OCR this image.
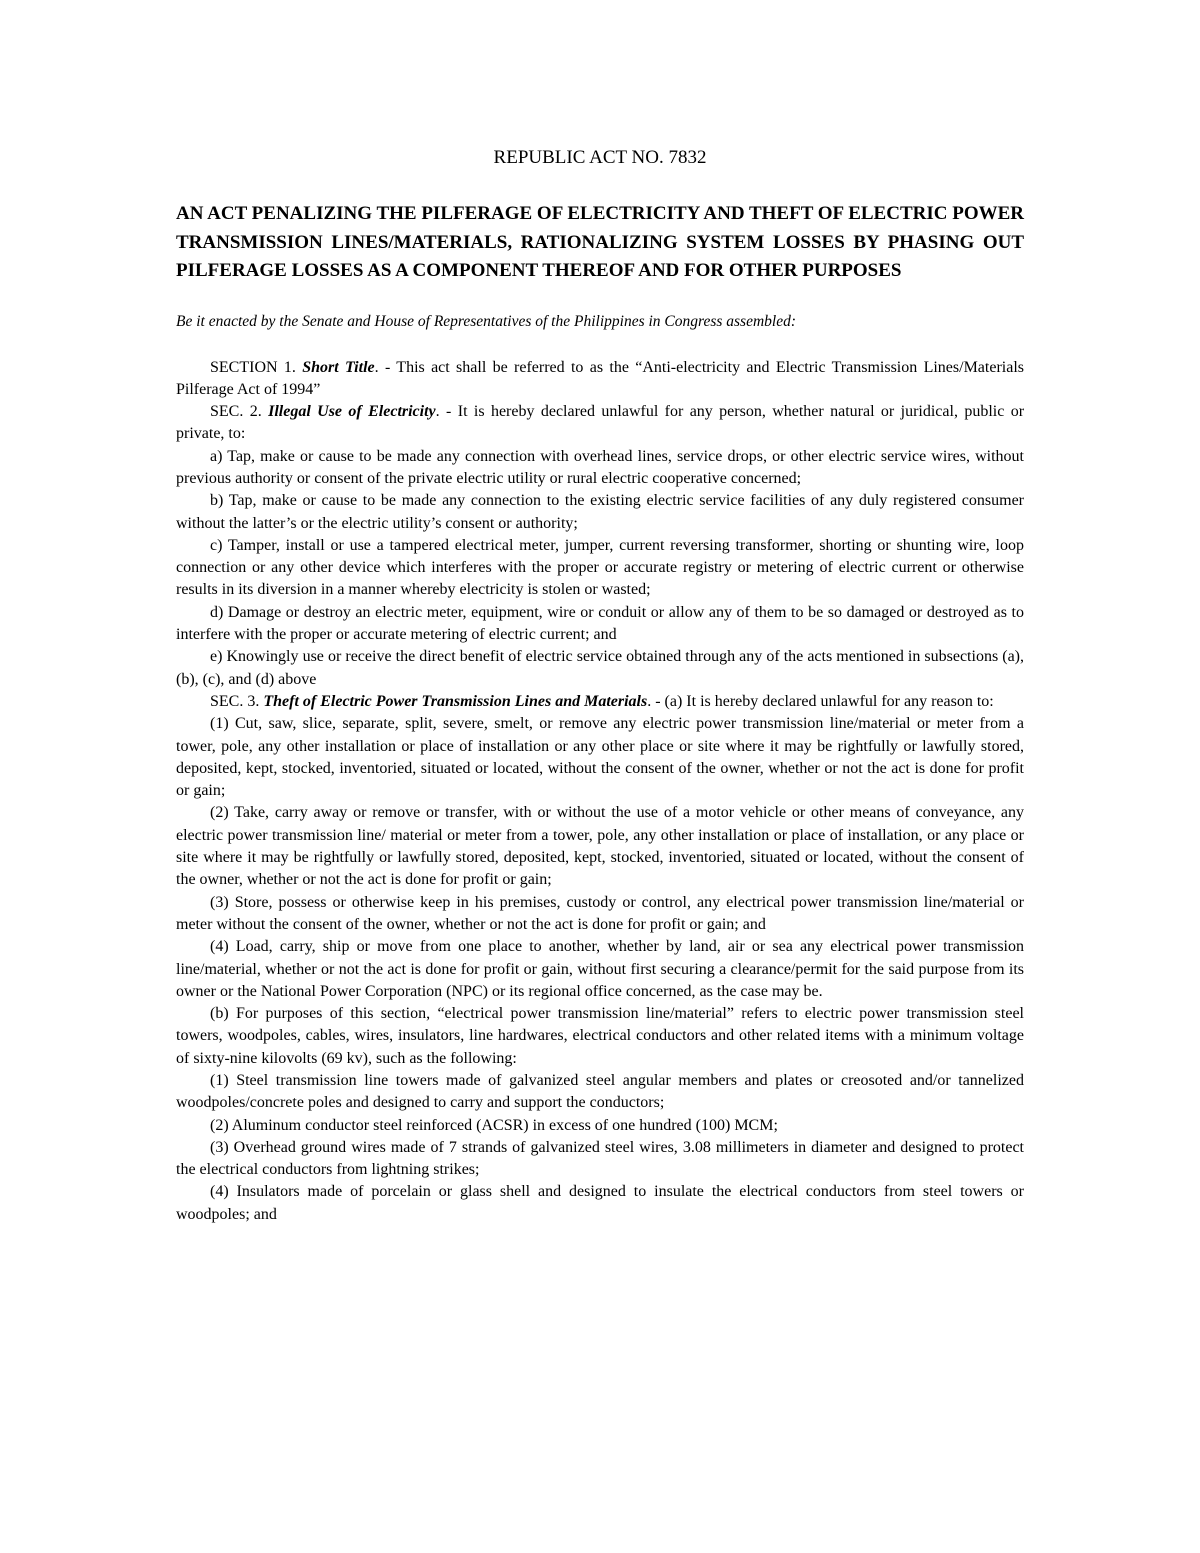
REPUBLIC ACT NO. 7832
AN ACT PENALIZING THE PILFERAGE OF ELECTRICITY AND THEFT OF ELECTRIC POWER TRANSMISSION LINES/MATERIALS, RATIONALIZING SYSTEM LOSSES BY PHASING OUT PILFERAGE LOSSES AS A COMPONENT THEREOF AND FOR OTHER PURPOSES
Be it enacted by the Senate and House of Representatives of the Philippines in Congress assembled:

SECTION 1. Short Title. - This act shall be referred to as the “Anti-electricity and Electric Transmission Lines/Materials Pilferage Act of 1994”

SEC. 2. Illegal Use of Electricity. - It is hereby declared unlawful for any person, whether natural or juridical, public or private, to:

a) Tap, make or cause to be made any connection with overhead lines, service drops, or other electric service wires, without previous authority or consent of the private electric utility or rural electric cooperative concerned;

b) Tap, make or cause to be made any connection to the existing electric service facilities of any duly registered consumer without the latter’s or the electric utility’s consent or authority;

c) Tamper, install or use a tampered electrical meter, jumper, current reversing transformer, shorting or shunting wire, loop connection or any other device which interferes with the proper or accurate registry or metering of electric current or otherwise results in its diversion in a manner whereby electricity is stolen or wasted;

d) Damage or destroy an electric meter, equipment, wire or conduit or allow any of them to be so damaged or destroyed as to interfere with the proper or accurate metering of electric current; and

e) Knowingly use or receive the direct benefit of electric service obtained through any of the acts mentioned in subsections (a), (b), (c), and (d) above

SEC. 3. Theft of Electric Power Transmission Lines and Materials. - (a) It is hereby declared unlawful for any reason to:

(1) Cut, saw, slice, separate, split, severe, smelt, or remove any electric power transmission line/material or meter from a tower, pole, any other installation or place of installation or any other place or site where it may be rightfully or lawfully stored, deposited, kept, stocked, inventoried, situated or located, without the consent of the owner, whether or not the act is done for profit or gain;

(2) Take, carry away or remove or transfer, with or without the use of a motor vehicle or other means of conveyance, any electric power transmission line/ material or meter from a tower, pole, any other installation or place of installation, or any place or site where it may be rightfully or lawfully stored, deposited, kept, stocked, inventoried, situated or located, without the consent of the owner, whether or not the act is done for profit or gain;

(3) Store, possess or otherwise keep in his premises, custody or control, any electrical power transmission line/material or meter without the consent of the owner, whether or not the act is done for profit or gain; and

(4) Load, carry, ship or move from one place to another, whether by land, air or sea any electrical power transmission line/material, whether or not the act is done for profit or gain, without first securing a clearance/permit for the said purpose from its owner or the National Power Corporation (NPC) or its regional office concerned, as the case may be.

(b) For purposes of this section, “electrical power transmission line/material” refers to electric power transmission steel towers, woodpoles, cables, wires, insulators, line hardwares, electrical conductors and other related items with a minimum voltage of sixty-nine kilovolts (69 kv), such as the following:

(1) Steel transmission line towers made of galvanized steel angular members and plates or creosoted and/or tannelized woodpoles/concrete poles and designed to carry and support the conductors;

(2) Aluminum conductor steel reinforced (ACSR) in excess of one hundred (100) MCM;

(3) Overhead ground wires made of 7 strands of galvanized steel wires, 3.08 millimeters in diameter and designed to protect the electrical conductors from lightning strikes;

(4) Insulators made of porcelain or glass shell and designed to insulate the electrical conductors from steel towers or woodpoles; and
